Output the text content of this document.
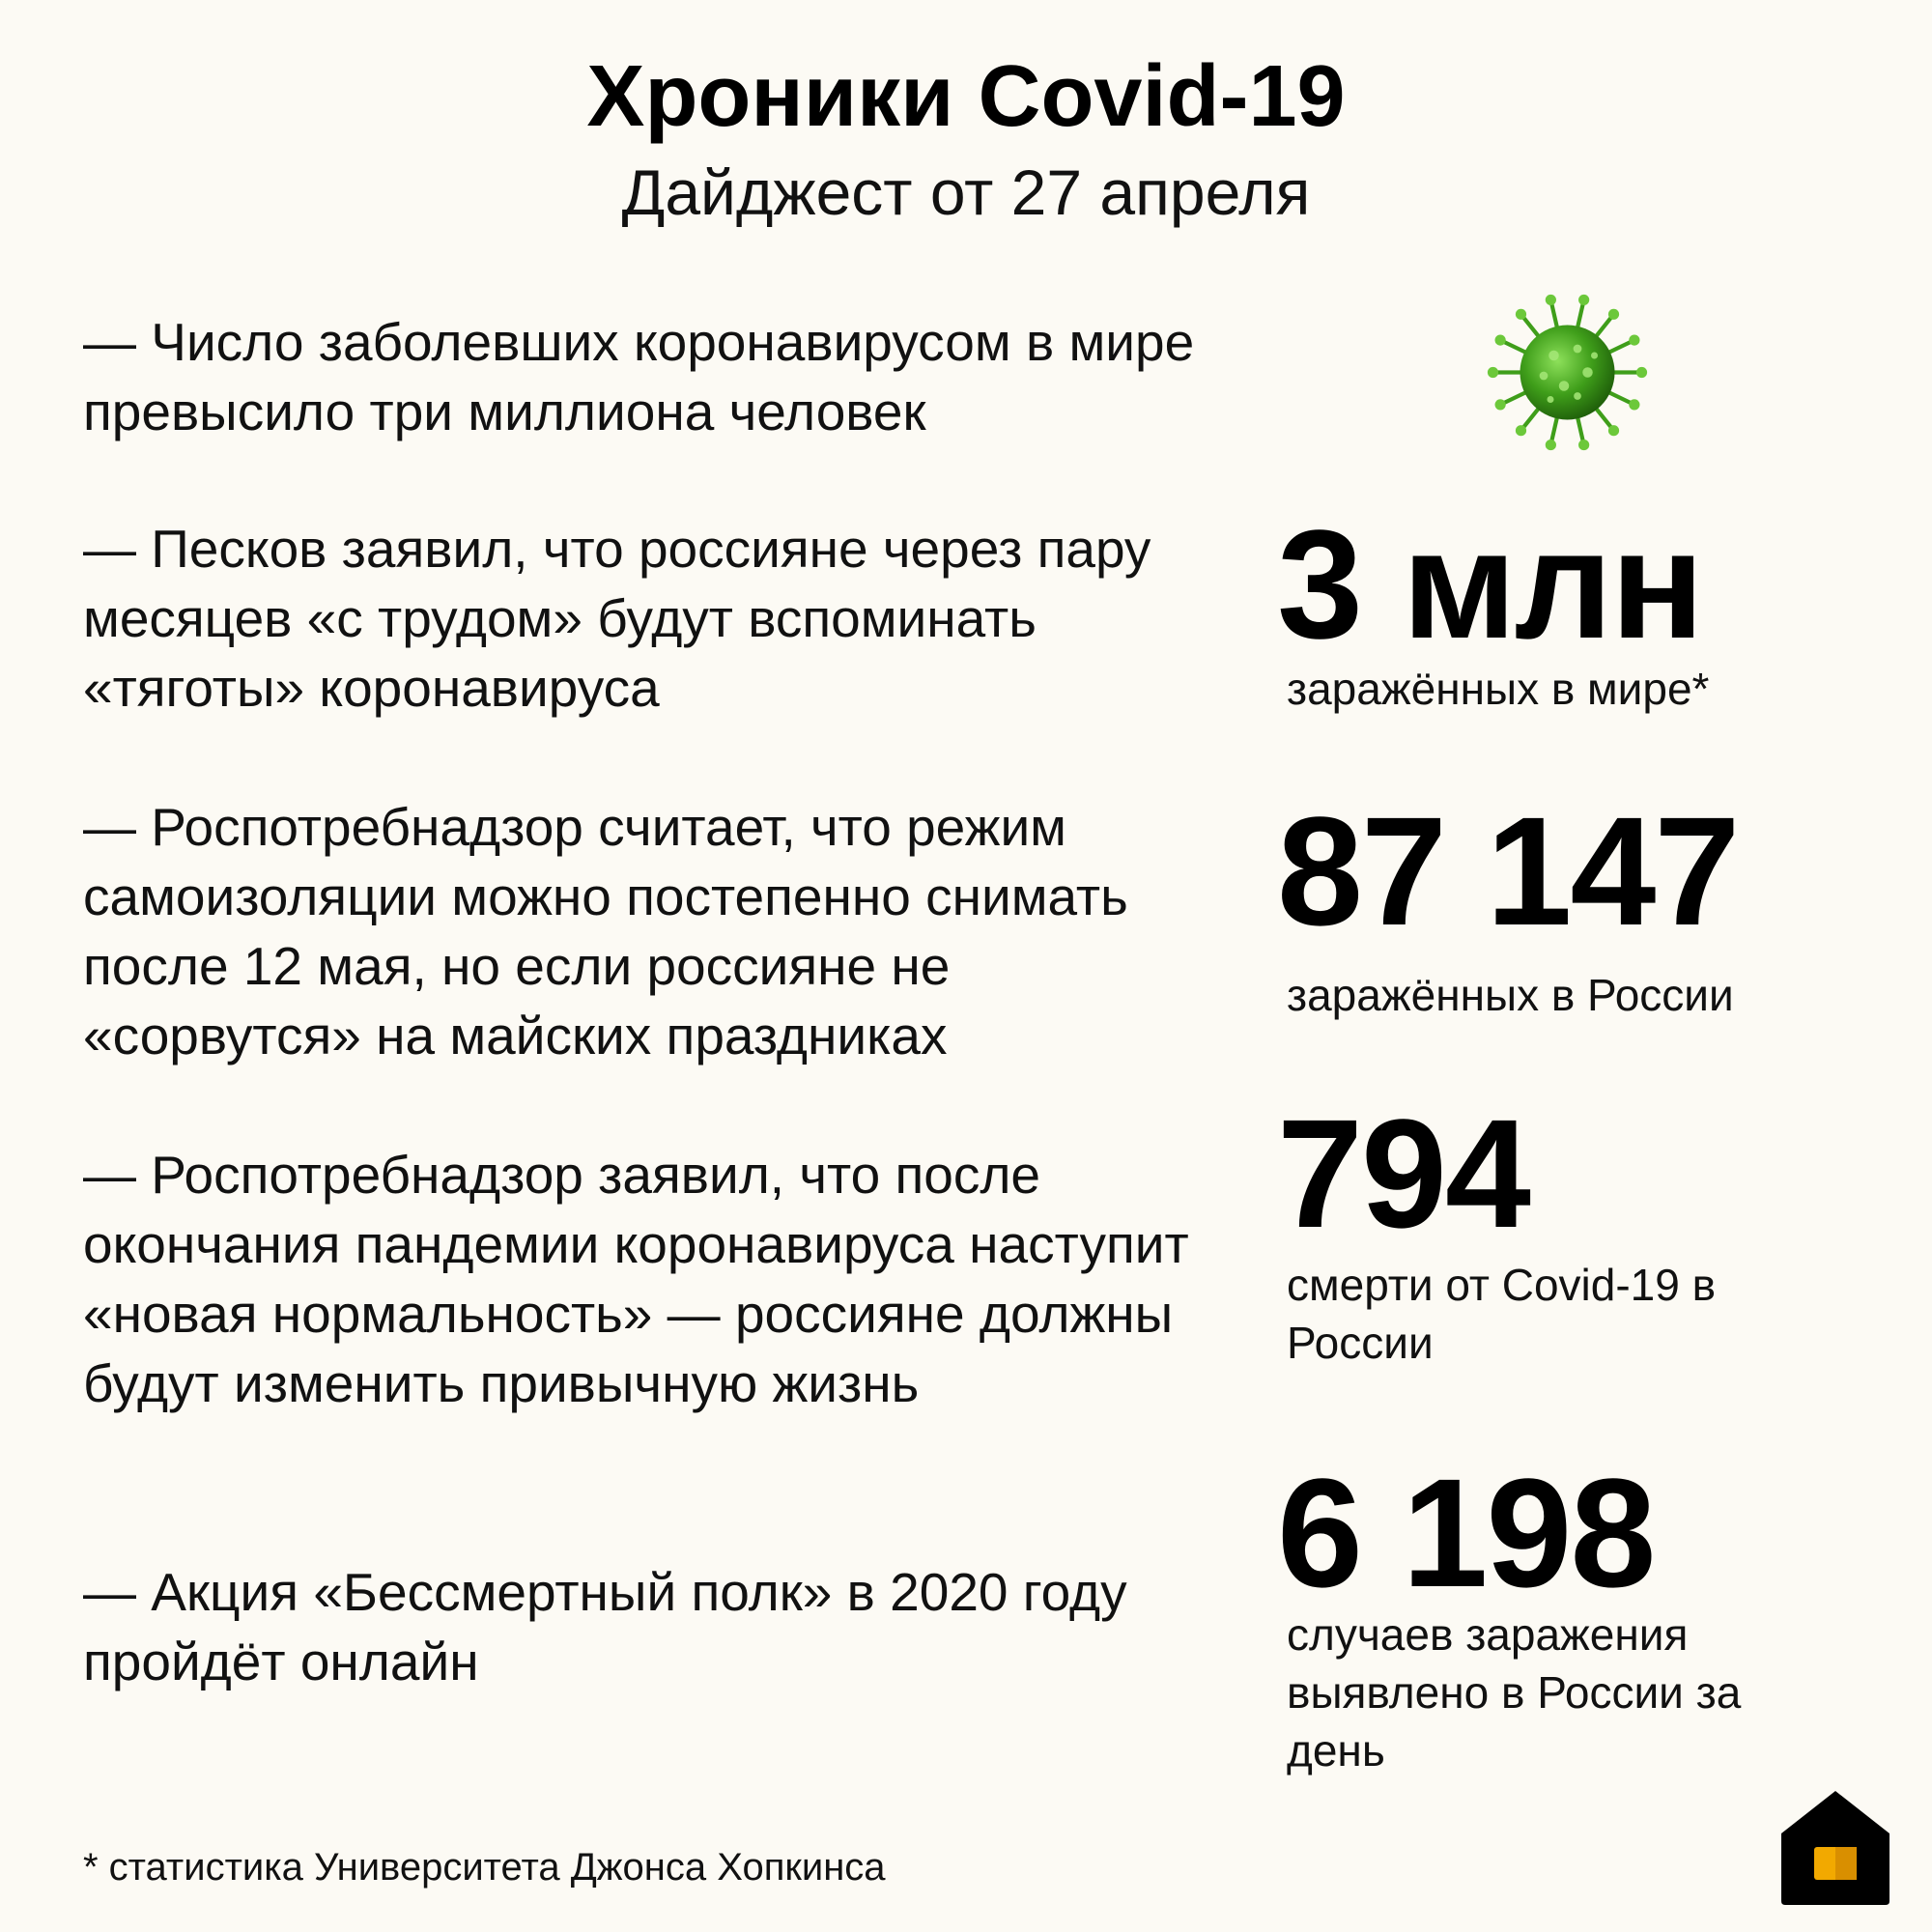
Хроники Covid-19
Дайджест от 27 апреля
— Число заболевших коронавирусом в мире превысило три миллиона человек
— Песков заявил, что россияне через пару месяцев «с трудом» будут вспоминать «тяготы» коронавируса
— Роспотребнадзор считает, что режим самоизоляции можно постепенно снимать после 12 мая, но если россияне не «сорвутся» на майских праздниках
— Роспотребнадзор заявил, что после окончания пандемии коронавируса наступит «новая нормальность» — россияне должны будут изменить привычную жизнь
— Акция «Бессмертный полк» в 2020 году пройдёт онлайн
3 млн
заражённых в мире*
87 147
заражённых в России
794
смерти от Covid-19 в России
6 198
случаев заражения выявлено в России за день
* статистика Университета Джонса Хопкинса
